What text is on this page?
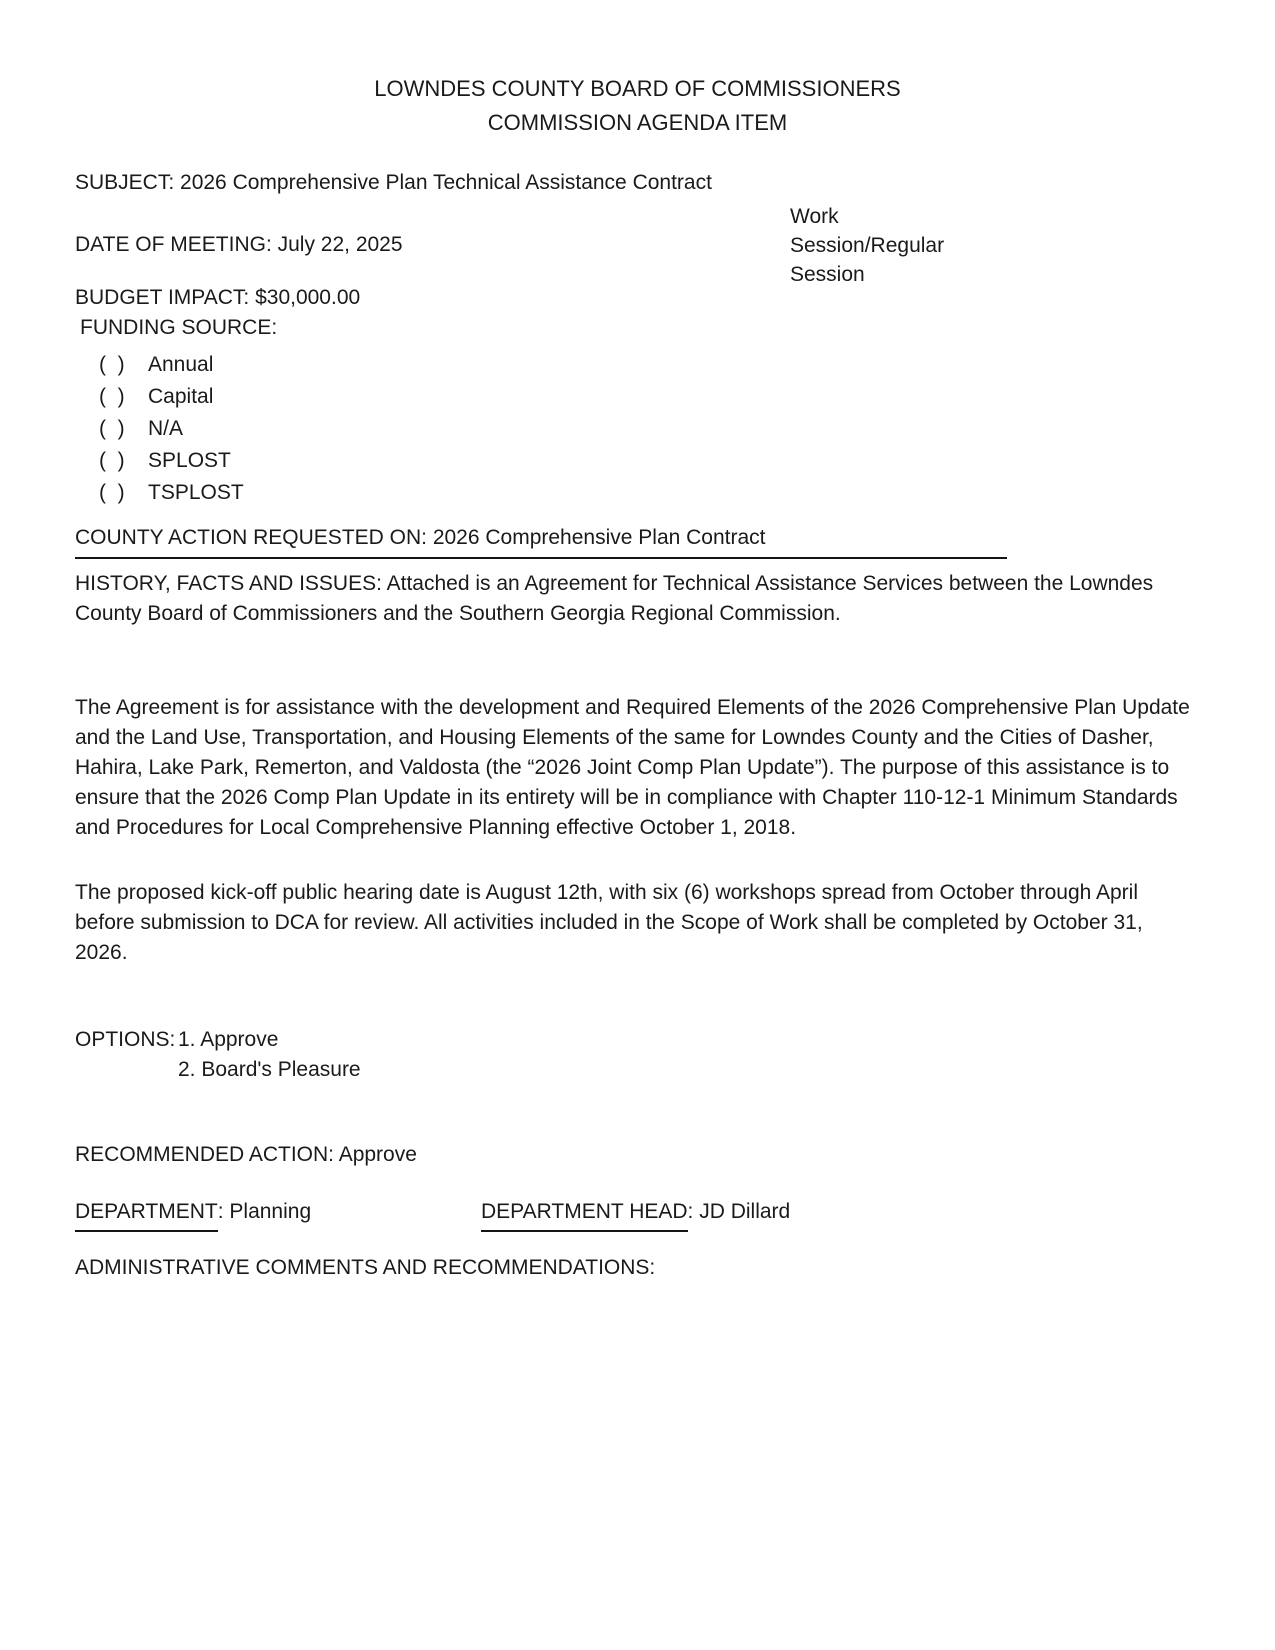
LOWNDES COUNTY BOARD OF COMMISSIONERS

COMMISSION AGENDA ITEM

SUBJECT: 2026 Comprehensive Plan Technical Assistance Contract

DATE OF MEETING: July 22, 2025

Work

Session/Regular

Session

BUDGET IMPACT: $30,000.00

FUNDING SOURCE:

(  )	Annual
(  )	Capital
(  )	N/A
(  )	SPLOST
(  )	TSPLOST
COUNTY ACTION REQUESTED ON: 2026 Comprehensive Plan Contract

HISTORY, FACTS AND ISSUES: Attached is an Agreement for Technical Assistance Services between the Lowndes County Board of Commissioners and the Southern Georgia Regional Commission.

The Agreement is for assistance with the development and Required Elements of the 2026 Comprehensive Plan Update and the Land Use, Transportation, and Housing Elements of the same for Lowndes County and the Cities of Dasher, Hahira, Lake Park, Remerton, and Valdosta (the “2026 Joint Comp Plan Update”). The purpose of this assistance is to ensure that the 2026 Comp Plan Update in its entirety will be in compliance with Chapter 110-12-1 Minimum Standards and Procedures for Local Comprehensive Planning effective October 1, 2018.

The proposed kick-off public hearing date is August 12th, with six (6) workshops spread from October through April before submission to DCA for review. All activities included in the Scope of Work shall be completed by October 31, 2026.

OPTIONS: 1. Approve

2. Board's Pleasure

RECOMMENDED ACTION: Approve

DEPARTMENT: Planning	DEPARTMENT HEAD: JD Dillard

ADMINISTRATIVE COMMENTS AND RECOMMENDATIONS:
